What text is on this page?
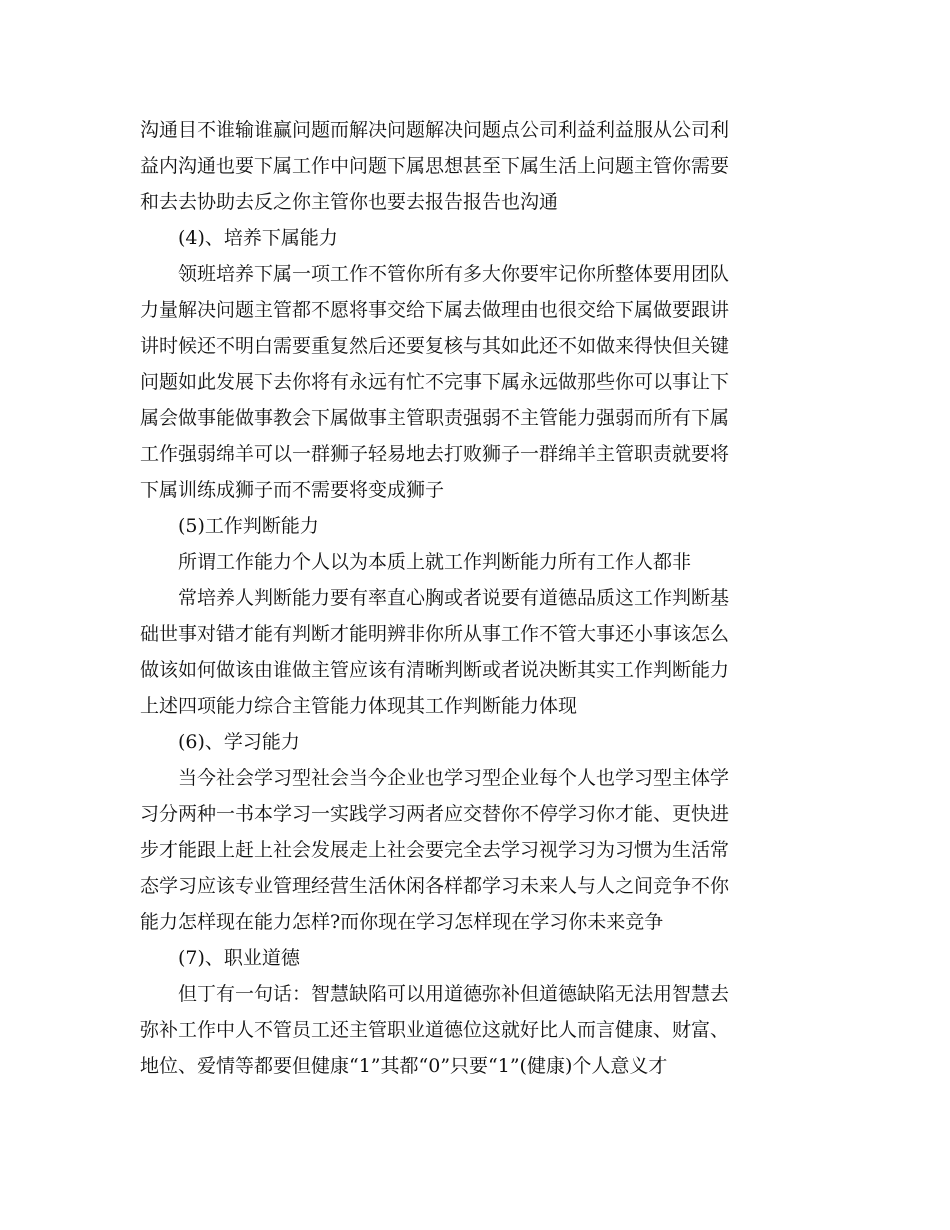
沟通目不谁输谁赢问题而解决问题解决问题点公司利益利益服从公司利
益内沟通也要下属工作中问题下属思想甚至下属生活上问题主管你需要
和去去协助去反之你主管你也要去报告报告也沟通
(4)、培养下属能力
领班培养下属一项工作不管你所有多大你要牢记你所整体要用团队
力量解决问题主管都不愿将事交给下属去做理由也很交给下属做要跟讲
讲时候还不明白需要重复然后还要复核与其如此还不如做来得快但关键
问题如此发展下去你将有永远有忙不完事下属永远做那些你可以事让下
属会做事能做事教会下属做事主管职责强弱不主管能力强弱而所有下属
工作强弱绵羊可以一群狮子轻易地去打败狮子一群绵羊主管职责就要将
下属训练成狮子而不需要将变成狮子
(5)工作判断能力
所谓工作能力个人以为本质上就工作判断能力所有工作人都非
常培养人判断能力要有率直心胸或者说要有道德品质这工作判断基
础世事对错才能有判断才能明辨非你所从事工作不管大事还小事该怎么
做该如何做该由谁做主管应该有清晰判断或者说决断其实工作判断能力
上述四项能力综合主管能力体现其工作判断能力体现
(6)、学习能力
当今社会学习型社会当今企业也学习型企业每个人也学习型主体学
习分两种一书本学习一实践学习两者应交替你不停学习你才能、更快进
步才能跟上赶上社会发展走上社会要完全去学习视学习为习惯为生活常
态学习应该专业管理经营生活休闲各样都学习未来人与人之间竞争不你
能力怎样现在能力怎样?而你现在学习怎样现在学习你未来竞争
(7)、职业道德
但丁有一句话：智慧缺陷可以用道德弥补但道德缺陷无法用智慧去
弥补工作中人不管员工还主管职业道德位这就好比人而言健康、财富、
地位、爱情等都要但健康“1”其都“0”只要“1”(健康)个人意义才
